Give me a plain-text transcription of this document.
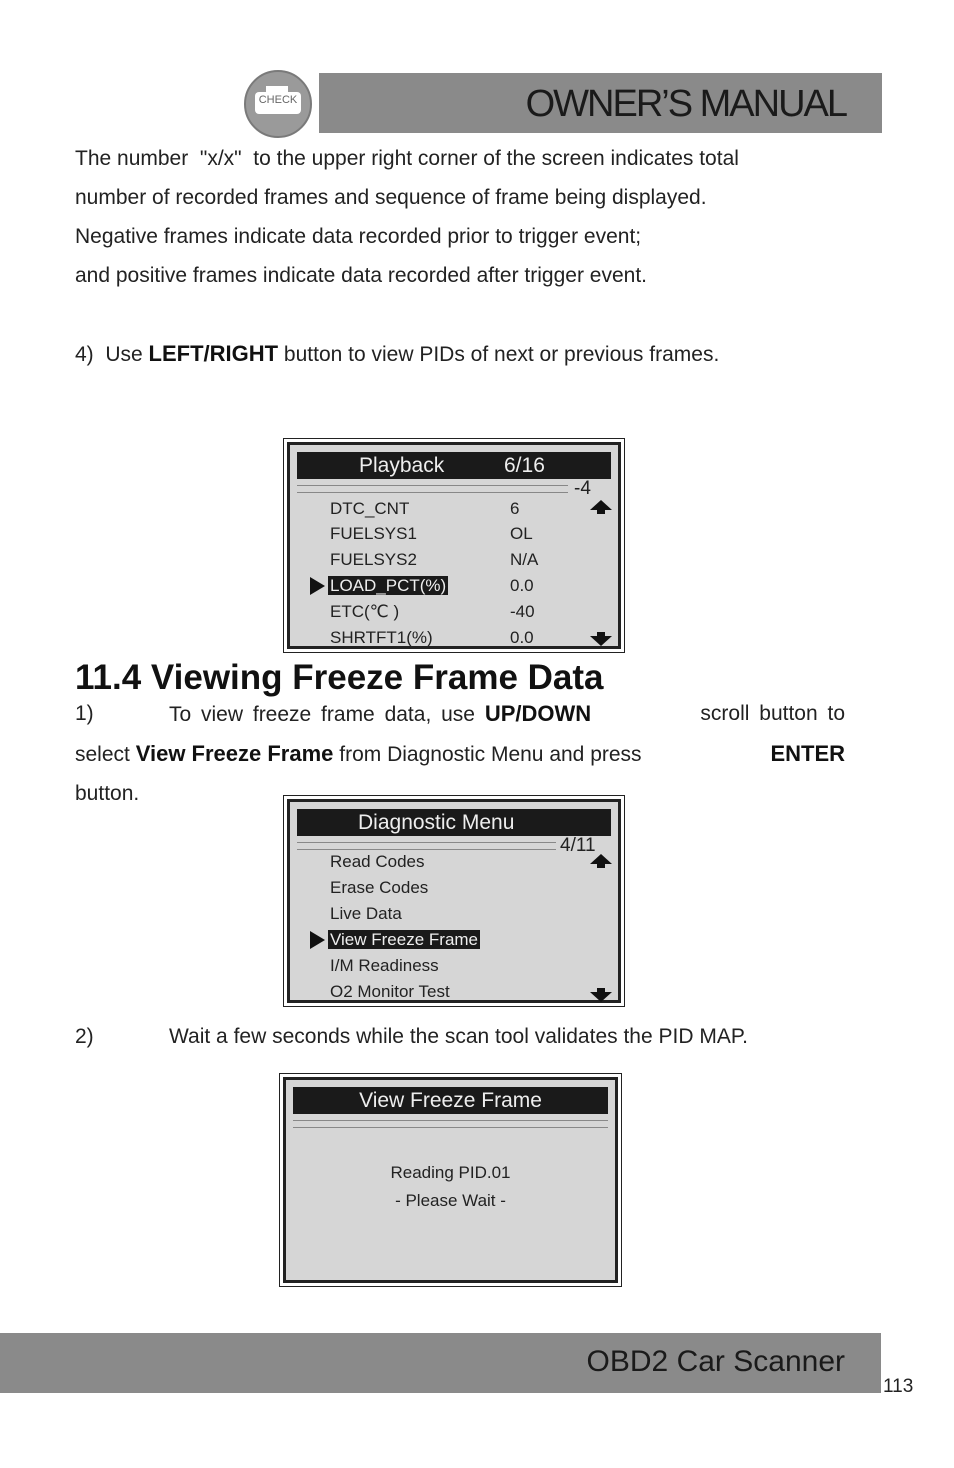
CHECK	OWNER’S MANUAL

The number  "x/x"  to the upper right corner of the screen indicates total

number of recorded frames and sequence of frame being displayed.

Negative frames indicate data recorded prior to trigger event;

and positive frames indicate data recorded after trigger event.

4)  Use LEFT/RIGHT button to view PIDs of next or previous frames.
Playback	6/16
-4
DTC_CNT	6
FUELSYS1	OL
FUELSYS2	N/A
LOAD_PCT(%)	0.0
ETC(℃ )	-40
SHRTFT1(%)	0.0
11.4 Viewing Freeze Frame Data
1)	To view freeze frame data, use UP/DOWN	scroll button to
select View Freeze Frame from Diagnostic Menu and press	ENTER
button.
Diagnostic Menu
4/11
Read Codes
Erase Codes
Live Data
View Freeze Frame
I/M Readiness
O2 Monitor Test
2)	Wait a few seconds while the scan tool validates the PID MAP.
View Freeze Frame
Reading PID.01
- Please Wait -
OBD2 Car Scanner
113
